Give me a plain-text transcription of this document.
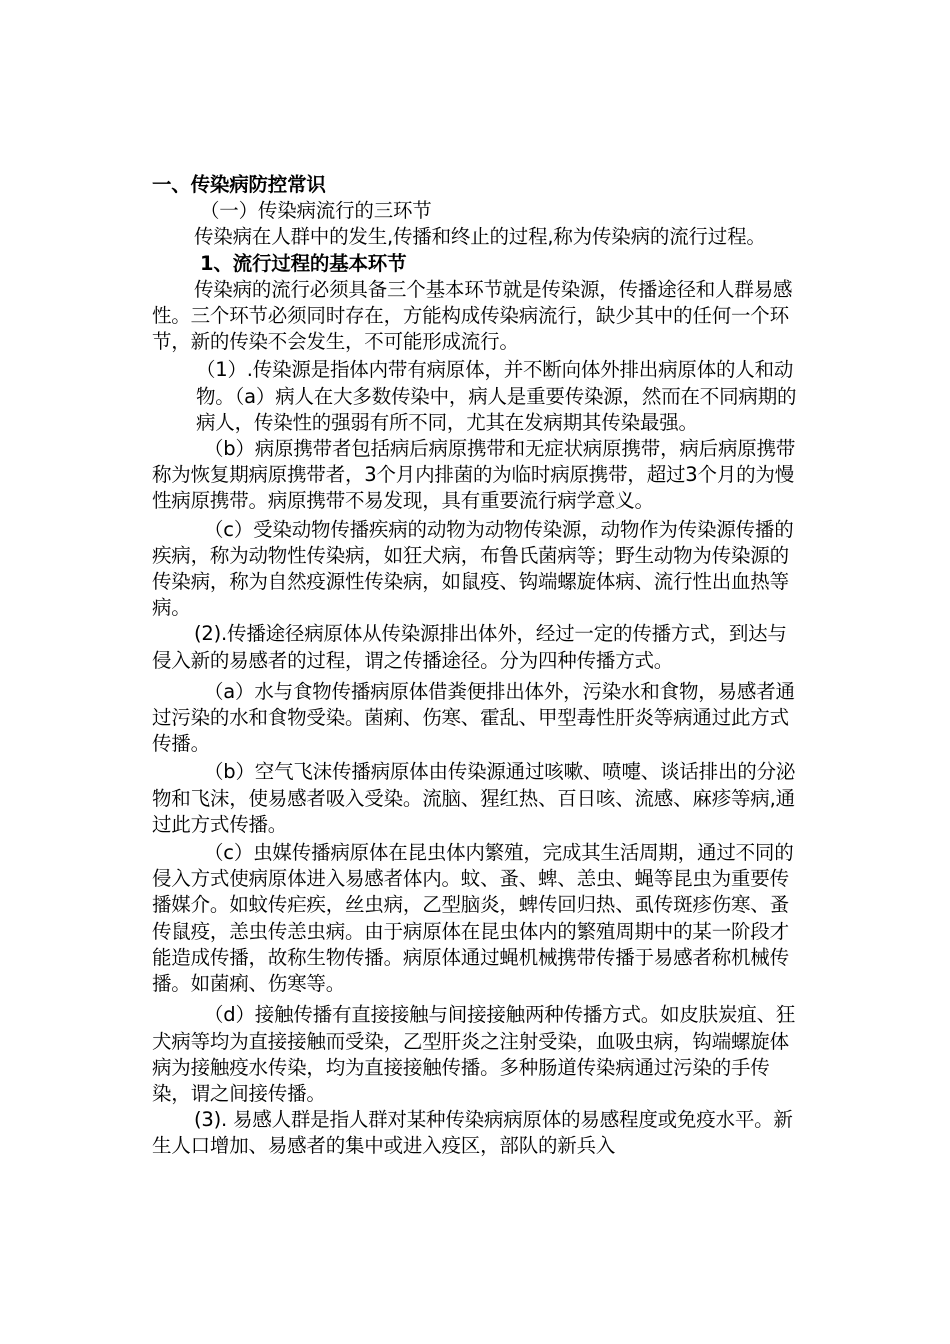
一、传染病防控常识
（一）传染病流行的三环节

传染病在人群中的发生,传播和终止的过程,称为传染病的流行过程。

1、流行过程的基本环节

传染病的流行必须具备三个基本环节就是传染源，传播途径和人群易感性。三个环节必须同时存在，方能构成传染病流行，缺少其中的任何一个环节，新的传染不会发生，不可能形成流行。

（1）.传染源是指体内带有病原体，并不断向体外排出病原体的人和动物。（a）病人在大多数传染中，病人是重要传染源，然而在不同病期的病人，传染性的强弱有所不同，尤其在发病期其传染最强。

（b）病原携带者包括病后病原携带和无症状病原携带，病后病原携带称为恢复期病原携带者，3个月内排菌的为临时病原携带，超过3个月的为慢性病原携带。病原携带不易发现，具有重要流行病学意义。

（c）受染动物传播疾病的动物为动物传染源，动物作为传染源传播的疾病，称为动物性传染病，如狂犬病，布鲁氏菌病等；野生动物为传染源的传染病，称为自然疫源性传染病，如鼠疫、钩端螺旋体病、流行性出血热等病。

(2).传播途径病原体从传染源排出体外，经过一定的传播方式，到达与侵入新的易感者的过程，谓之传播途径。分为四种传播方式。

（a）水与食物传播病原体借粪便排出体外，污染水和食物，易感者通过污染的水和食物受染。菌痢、伤寒、霍乱、甲型毒性肝炎等病通过此方式传播。

（b）空气飞沫传播病原体由传染源通过咳嗽、喷嚏、谈话排出的分泌物和飞沫，使易感者吸入受染。流脑、猩红热、百日咳、流感、麻疹等病,通过此方式传播。

（c）虫媒传播病原体在昆虫体内繁殖，完成其生活周期，通过不同的侵入方式使病原体进入易感者体内。蚊、蚤、蜱、恙虫、蝇等昆虫为重要传播媒介。如蚊传疟疾，丝虫病，乙型脑炎，蜱传回归热、虱传斑疹伤寒、蚤传鼠疫，恙虫传恙虫病。由于病原体在昆虫体内的繁殖周期中的某一阶段才能造成传播，故称生物传播。病原体通过蝇机械携带传播于易感者称机械传播。如菌痢、伤寒等。

（d）接触传播有直接接触与间接接触两种传播方式。如皮肤炭疽、狂犬病等均为直接接触而受染，乙型肝炎之注射受染，血吸虫病，钩端螺旋体病为接触疫水传染，均为直接接触传播。多种肠道传染病通过污染的手传染，谓之间接传播。

(3). 易感人群是指人群对某种传染病病原体的易感程度或免疫水平。新生人口增加、易感者的集中或进入疫区，部队的新兵入
